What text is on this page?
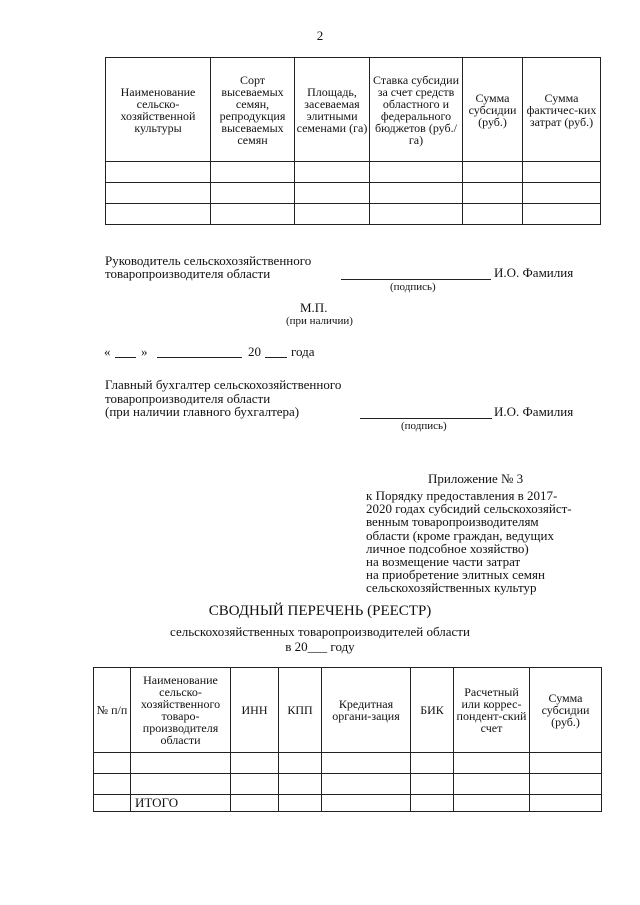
2
Наименование сельско-хозяйственной культуры	Сорт высеваемых семян, репродукция высеваемых семян	Площадь, засеваемая элитными семенами (га)	Ставка субсидии за счет средств областного и федерального бюджетов (руб./га)	Сумма субсидии (руб.)	Сумма фактичес-ких затрат (руб.)

Руководитель сельскохозяйственного
товаропроизводителя области	И.О. Фамилия
(подпись)
М.П.
(при наличии)
« »	20 года
Главный бухгалтер сельскохозяйственного
товаропроизводителя области
(при наличии главного бухгалтера)	И.О. Фамилия
(подпись)
Приложение № 3
к Порядку предоставления в 2017-
2020 годах субсидий сельскохозяйст-
венным товаропроизводителям
области (кроме граждан, ведущих
личное подсобное хозяйство)
на возмещение части затрат
на приобретение элитных семян
сельскохозяйственных культур
СВОДНЫЙ ПЕРЕЧЕНЬ (РЕЕСТР)
сельскохозяйственных товаропроизводителей области
в 20___ году
№ п/п	Наименование сельско-хозяйственного товаро-производителя области	ИНН	КПП	Кредитная органи-зация	БИК	Расчетный или коррес-пондент-ский счет	Сумма субсидии (руб.)

	ИТОГО						
